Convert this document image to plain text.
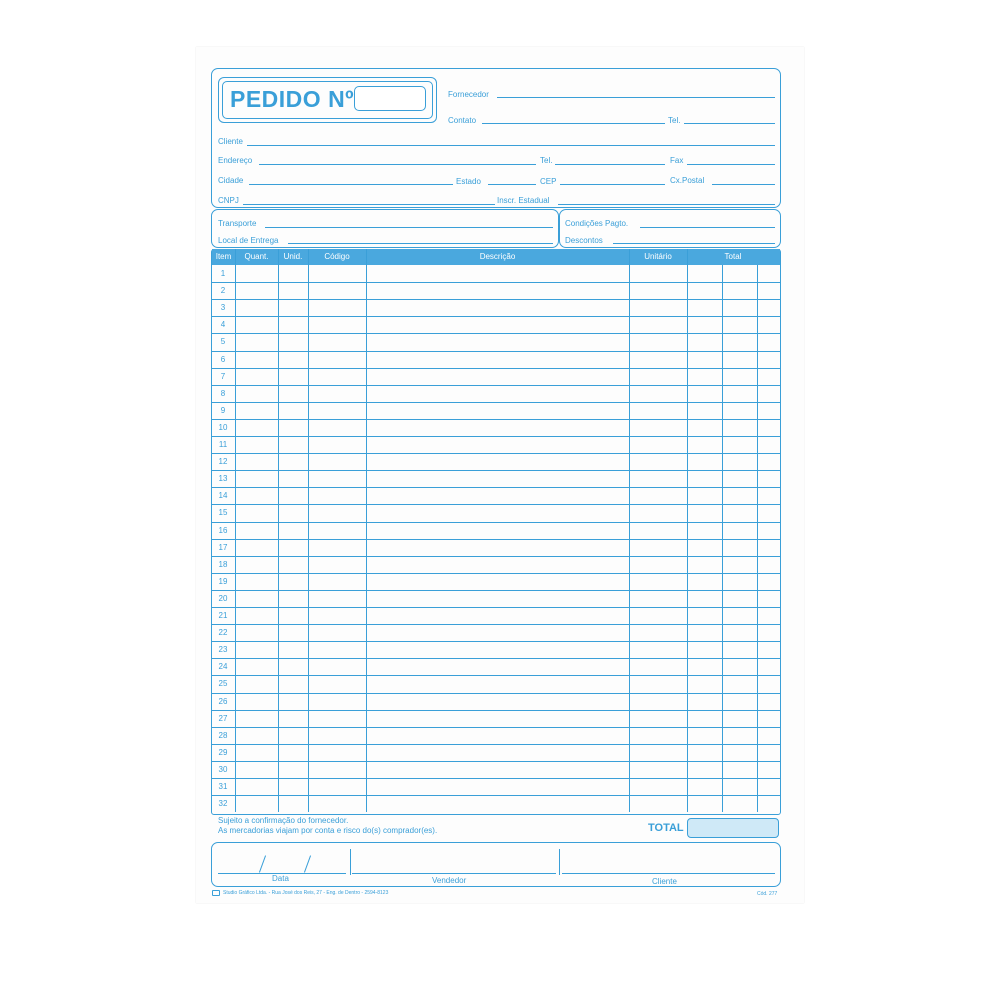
PEDIDO Nº	Fornecedor
Contato	Tel.
Cliente
Endereço	Tel.	Fax
Cidade	Estado	CEP	Cx.Postal
CNPJ	Inscr. Estadual
Transporte
Local de Entrega
Condições Pagto.
Descontos
Item	Quant.	Unid.	Código	Descrição	Unitário	Total
1
2
3
4
5
6
7
8
9
10
11
12
13
14
15
16
17
18
19
20
21
22
23
24
25
26
27
28
29
30
31
32
Sujeito a confirmação do fornecedor.
As mercadorias viajam por conta e risco do(s) comprador(es).	TOTAL
Data	Vendedor	Cliente
Studio Gráfico Ltda. - Rua José dos Reis, 27 - Eng. de Dentro - 2594-8123	Cód. 277
